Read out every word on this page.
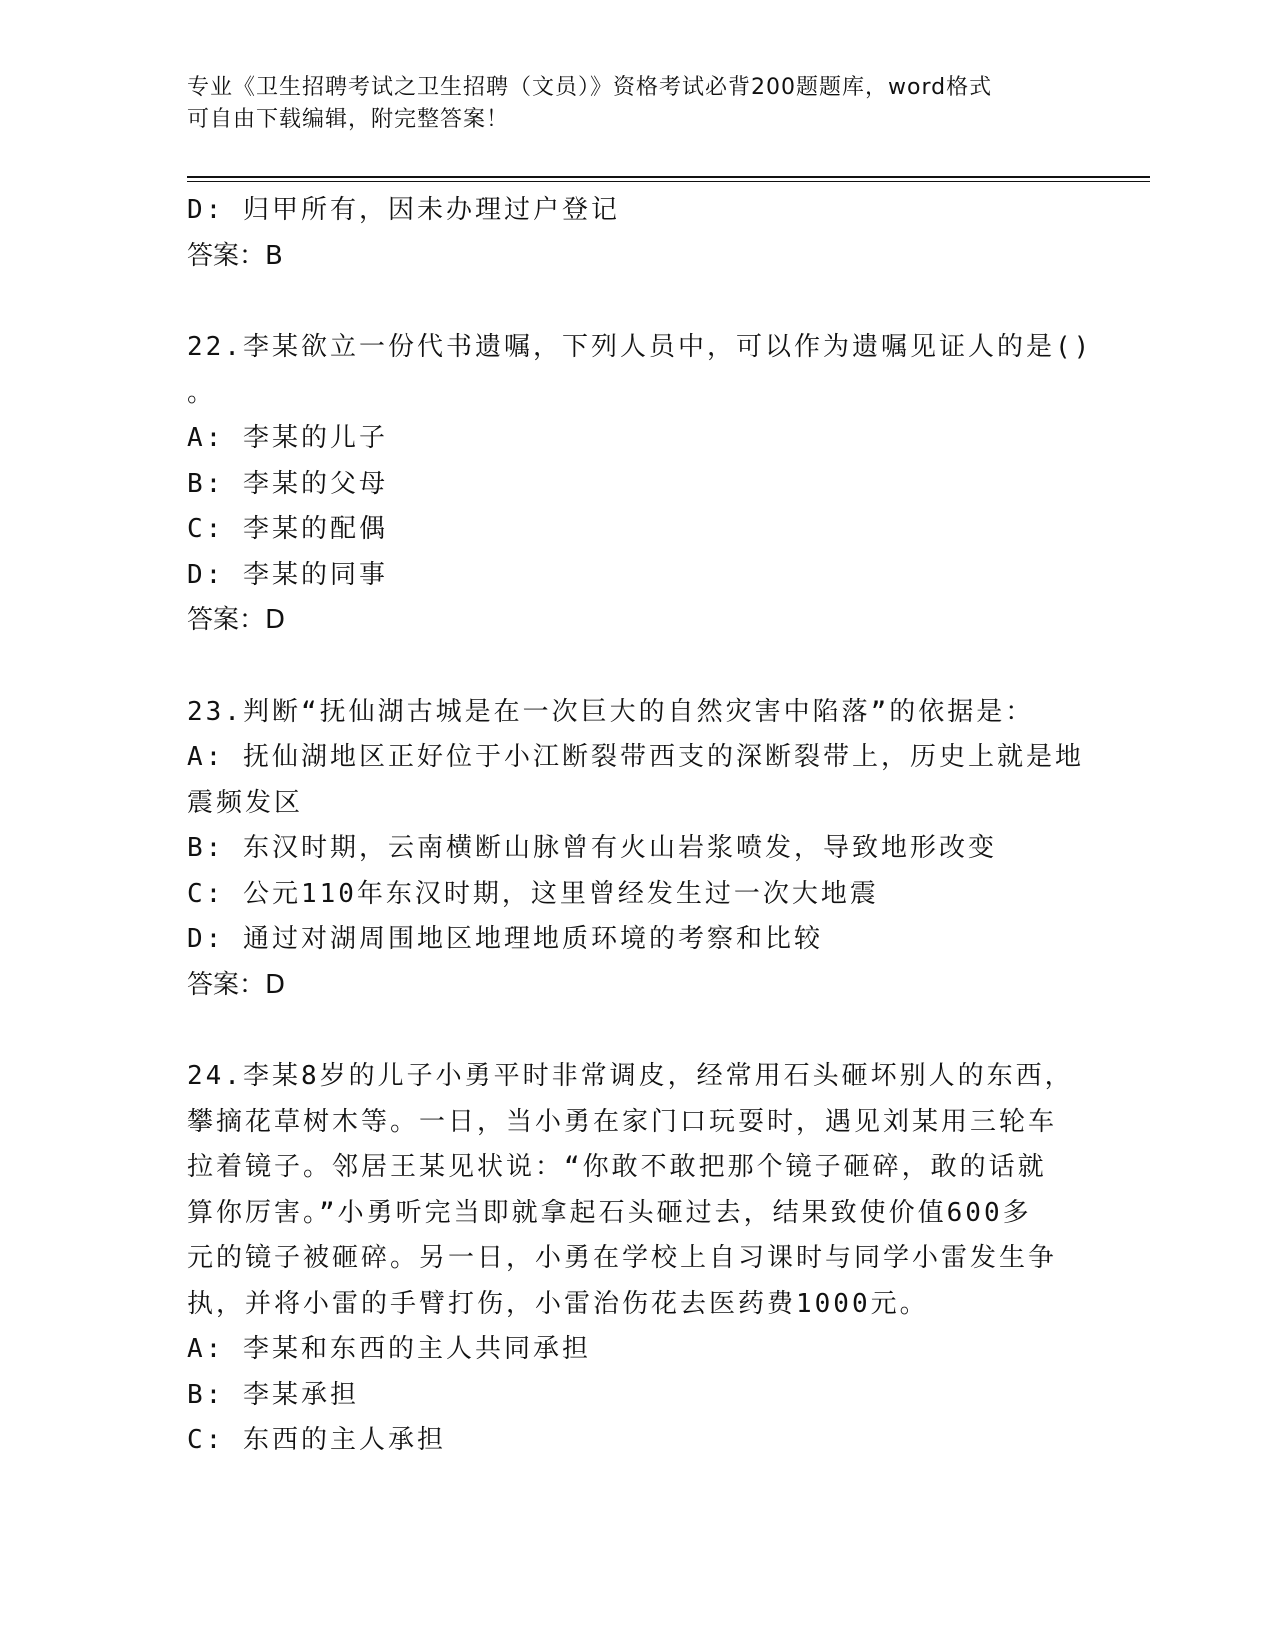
专业《卫生招聘考试之卫生招聘（文员）》资格考试必背200题题库，word格式
可自由下载编辑，附完整答案！
D: 归甲所有，因未办理过户登记
答案：B
22.李某欲立一份代书遗嘱，下列人员中，可以作为遗嘱见证人的是()
。
A: 李某的儿子
B: 李某的父母
C: 李某的配偶
D: 李某的同事
答案：D
23.判断“抚仙湖古城是在一次巨大的自然灾害中陷落”的依据是：
A: 抚仙湖地区正好位于小江断裂带西支的深断裂带上，历史上就是地
震频发区
B: 东汉时期，云南横断山脉曾有火山岩浆喷发，导致地形改变
C: 公元110年东汉时期，这里曾经发生过一次大地震
D: 通过对湖周围地区地理地质环境的考察和比较
答案：D
24.李某8岁的儿子小勇平时非常调皮，经常用石头砸坏别人的东西，
攀摘花草树木等。一日，当小勇在家门口玩耍时，遇见刘某用三轮车
拉着镜子。邻居王某见状说：“你敢不敢把那个镜子砸碎，敢的话就
算你厉害。”小勇听完当即就拿起石头砸过去，结果致使价值600多
元的镜子被砸碎。另一日，小勇在学校上自习课时与同学小雷发生争
执，并将小雷的手臂打伤，小雷治伤花去医药费1000元。
A: 李某和东西的主人共同承担
B: 李某承担
C: 东西的主人承担
